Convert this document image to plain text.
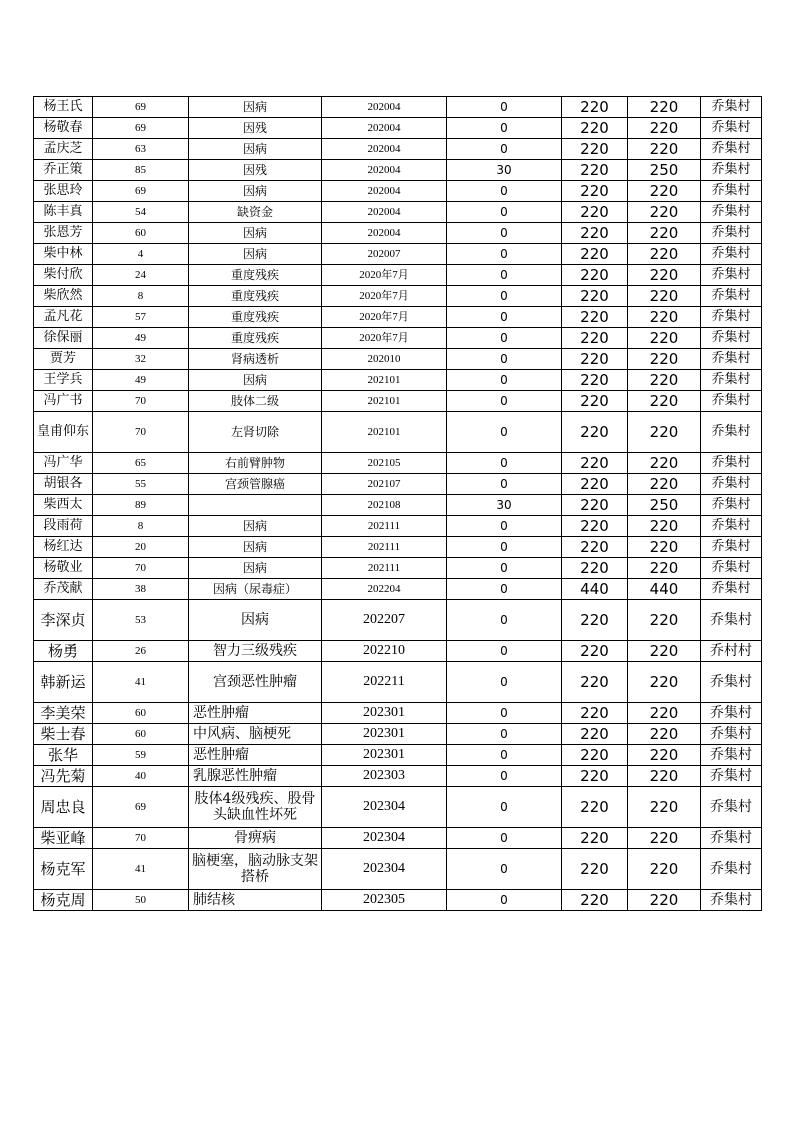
杨王氏	69	因病	202004	0	220	220	乔集村
杨敬春	69	因残	202004	0	220	220	乔集村
孟庆芝	63	因病	202004	0	220	220	乔集村
乔正策	85	因残	202004	30	220	250	乔集村
张思玲	69	因病	202004	0	220	220	乔集村
陈丰真	54	缺资金	202004	0	220	220	乔集村
张恩芳	60	因病	202004	0	220	220	乔集村
柴中林	4	因病	202007	0	220	220	乔集村
柴付欣	24	重度残疾	2020年7月	0	220	220	乔集村
柴欣然	8	重度残疾	2020年7月	0	220	220	乔集村
孟凡花	57	重度残疾	2020年7月	0	220	220	乔集村
徐保丽	49	重度残疾	2020年7月	0	220	220	乔集村
贾芳	32	肾病透析	202010	0	220	220	乔集村
王学兵	49	因病	202101	0	220	220	乔集村
冯广书	70	肢体二级	202101	0	220	220	乔集村
皇甫仰东	70	左肾切除	202101	0	220	220	乔集村
冯广华	65	右前臂肿物	202105	0	220	220	乔集村
胡银各	55	宫颈管腺癌	202107	0	220	220	乔集村
柴西太	89		202108	30	220	250	乔集村
段雨荷	8	因病	202111	0	220	220	乔集村
杨红达	20	因病	202111	0	220	220	乔集村
杨敬业	70	因病	202111	0	220	220	乔集村
乔茂献	38	因病（尿毒症）	202204	0	440	440	乔集村
李深贞	53	因病	202207	0	220	220	乔集村
杨勇	26	智力三级残疾	202210	0	220	220	乔村村
韩新运	41	宫颈恶性肿瘤	202211	0	220	220	乔集村
李美荣	60	恶性肿瘤	202301	0	220	220	乔集村
柴士春	60	中风病、脑梗死	202301	0	220	220	乔集村
张华	59	恶性肿瘤	202301	0	220	220	乔集村
冯先菊	40	乳腺恶性肿瘤	202303	0	220	220	乔集村
周忠良	69	肢体4级残疾、股骨头缺血性坏死	202304	0	220	220	乔集村
柴亚峰	70	骨痹病	202304	0	220	220	乔集村
杨克军	41	脑梗塞，脑动脉支架搭桥	202304	0	220	220	乔集村
杨克周	50	肺结核	202305	0	220	220	乔集村
